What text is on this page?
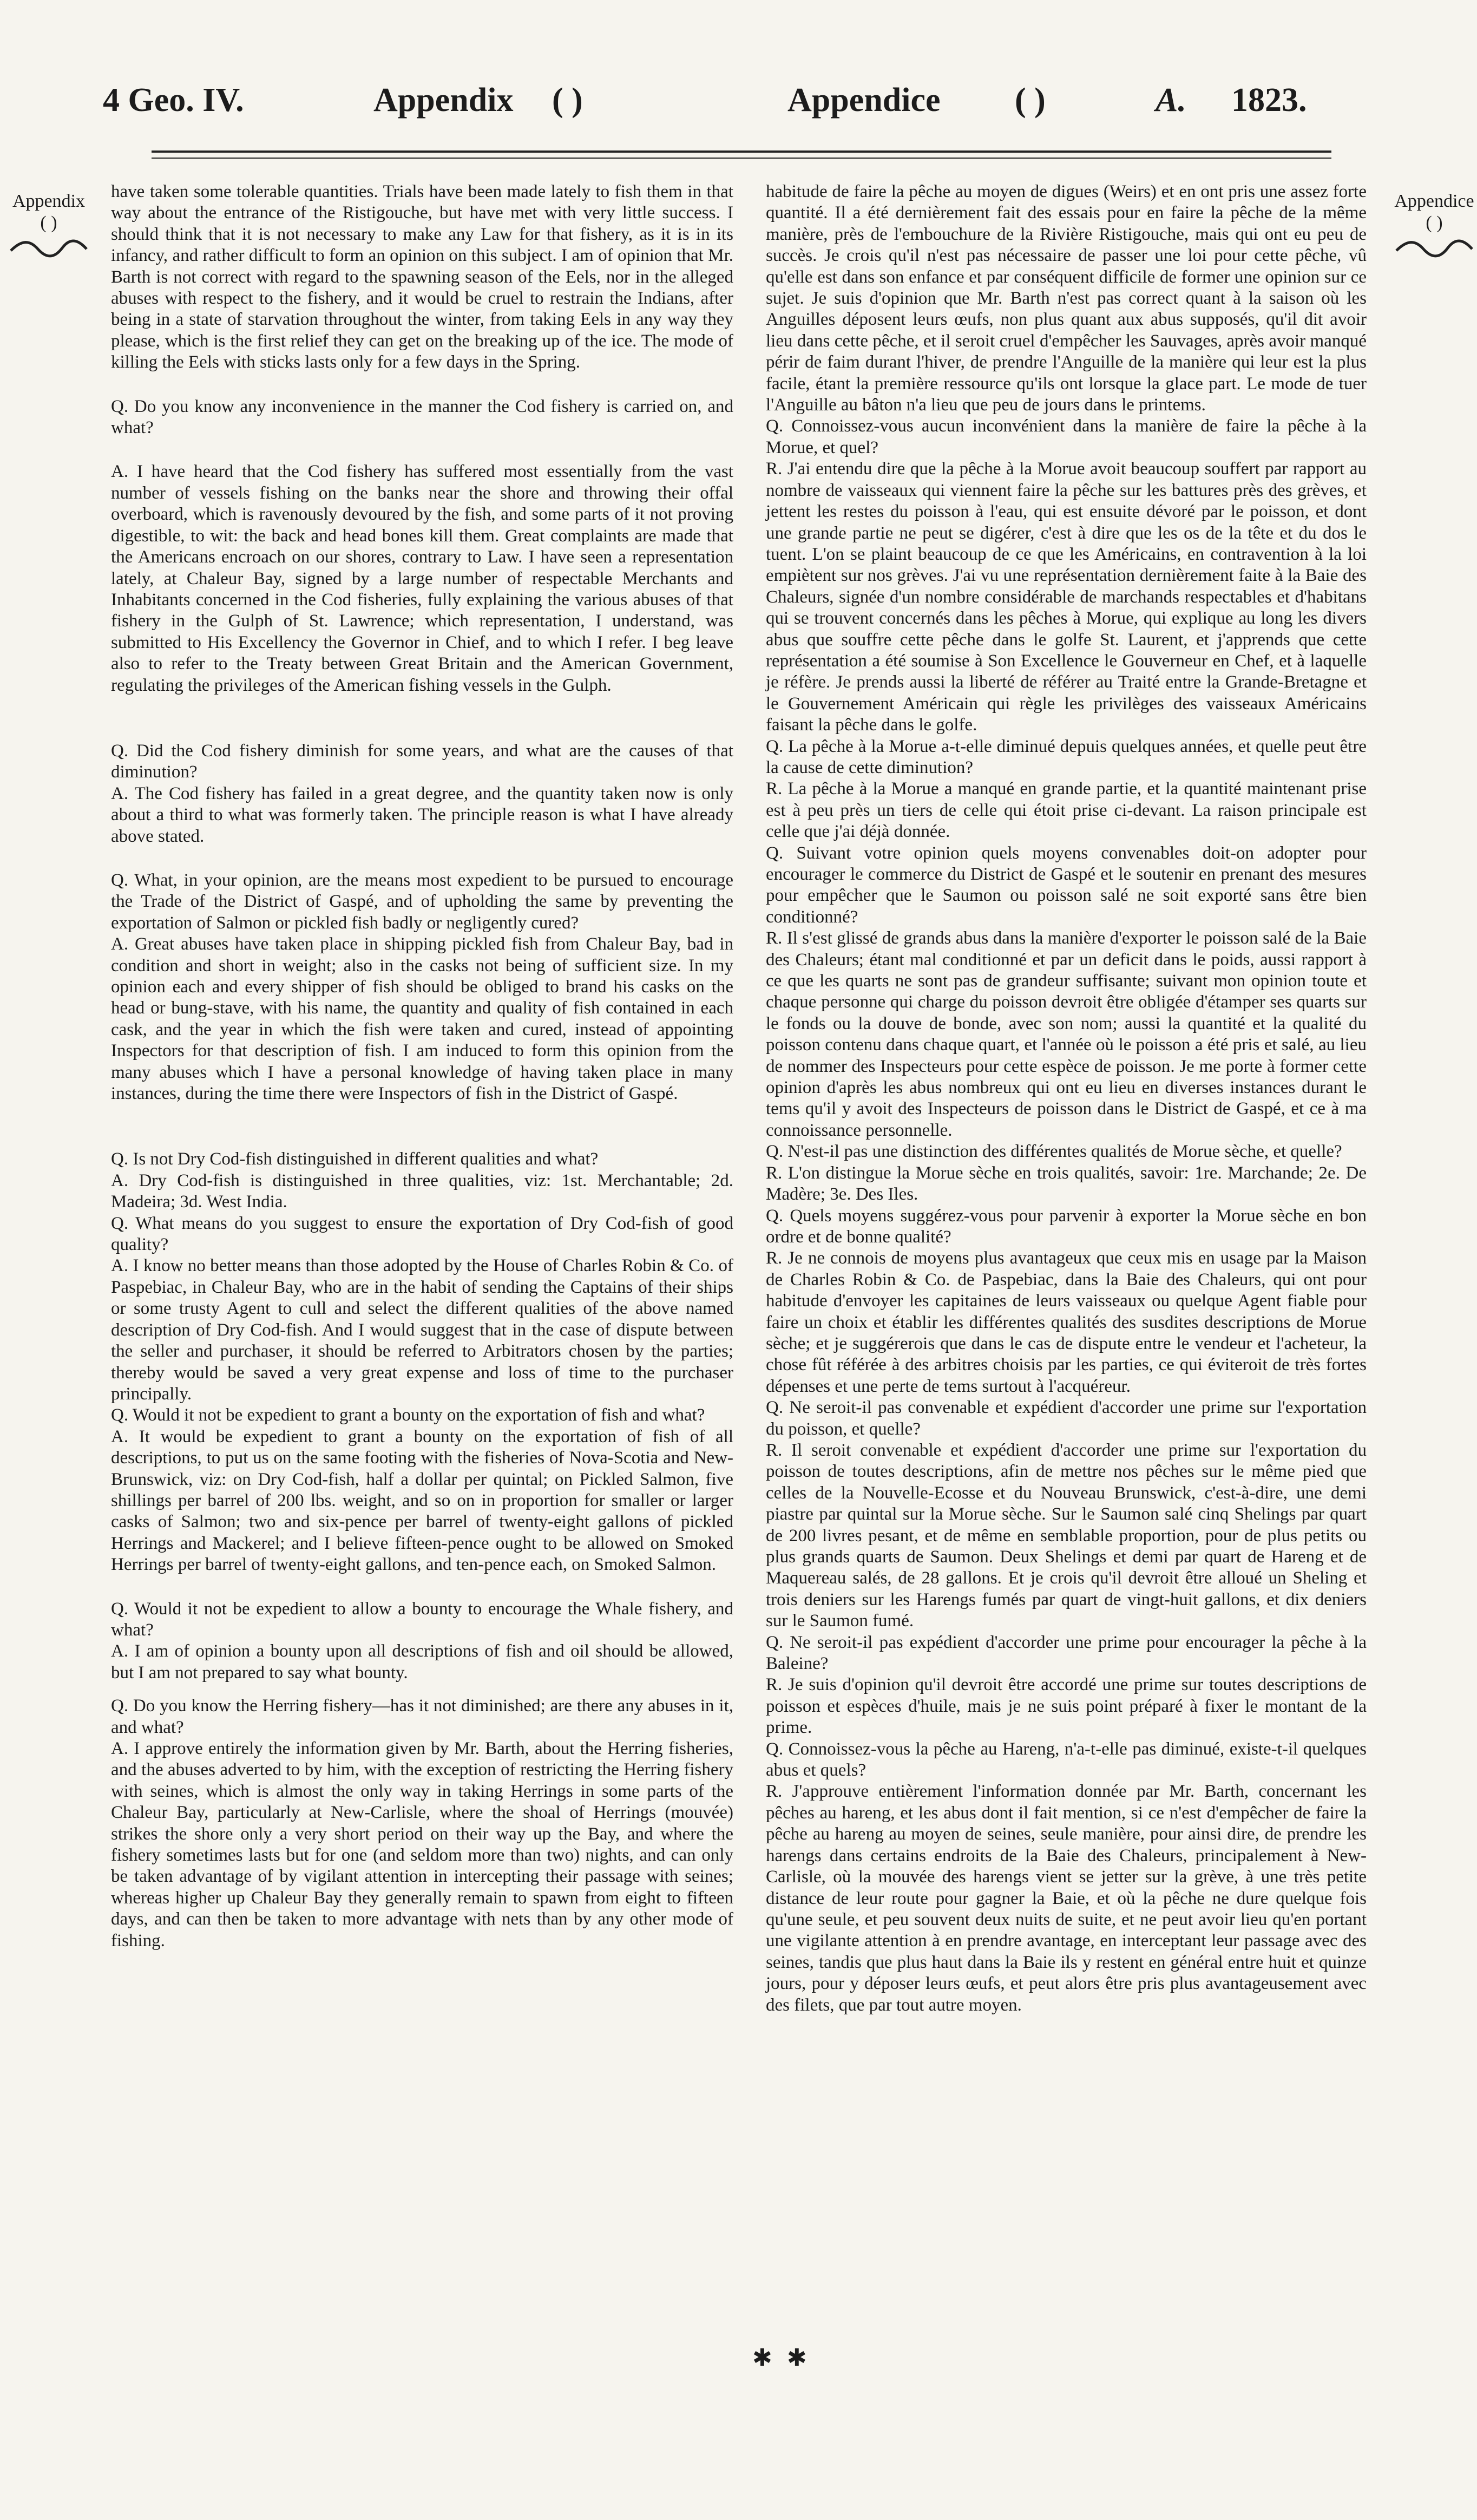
4 Geo. IV.	Appendix ( )	Appendice ( )	A. 1823.
Appendix
( )
Appendice
( )

have taken some tolerable quantities. Trials have been made lately to fish them in that way about the entrance of the Ristigouche, but have met with very little success. I should think that it is not necessary to make any Law for that fishery, as it is in its infancy, and rather difficult to form an opinion on this subject. I am of opinion that Mr. Barth is not correct with regard to the spawning season of the Eels, nor in the alleged abuses with respect to the fishery, and it would be cruel to restrain the Indians, after being in a state of starvation throughout the winter, from taking Eels in any way they please, which is the first relief they can get on the breaking up of the ice. The mode of killing the Eels with sticks lasts only for a few days in the Spring.

Q. Do you know any inconvenience in the manner the Cod fishery is carried on, and what?

A. I have heard that the Cod fishery has suffered most essentially from the vast number of vessels fishing on the banks near the shore and throwing their offal overboard, which is ravenously devoured by the fish, and some parts of it not proving digestible, to wit: the back and head bones kill them. Great complaints are made that the Americans encroach on our shores, contrary to Law. I have seen a representation lately, at Chaleur Bay, signed by a large number of respectable Merchants and Inhabitants concerned in the Cod fisheries, fully explaining the various abuses of that fishery in the Gulph of St. Lawrence; which representation, I understand, was submitted to His Excellency the Governor in Chief, and to which I refer. I beg leave also to refer to the Treaty between Great Britain and the American Government, regulating the privileges of the American fishing vessels in the Gulph.

Q. Did the Cod fishery diminish for some years, and what are the causes of that diminution?

A. The Cod fishery has failed in a great degree, and the quantity taken now is only about a third to what was formerly taken. The principle reason is what I have already above stated.

Q. What, in your opinion, are the means most expedient to be pursued to encourage the Trade of the District of Gaspé, and of upholding the same by preventing the exportation of Salmon or pickled fish badly or negligently cured?

A. Great abuses have taken place in shipping pickled fish from Chaleur Bay, bad in condition and short in weight; also in the casks not being of sufficient size. In my opinion each and every shipper of fish should be obliged to brand his casks on the head or bung-stave, with his name, the quantity and quality of fish contained in each cask, and the year in which the fish were taken and cured, instead of appointing Inspectors for that description of fish. I am induced to form this opinion from the many abuses which I have a personal knowledge of having taken place in many instances, during the time there were Inspectors of fish in the District of Gaspé.

Q. Is not Dry Cod-fish distinguished in different qualities and what?

A. Dry Cod-fish is distinguished in three qualities, viz: 1st. Merchantable; 2d. Madeira; 3d. West India.

Q. What means do you suggest to ensure the exportation of Dry Cod-fish of good quality?

A. I know no better means than those adopted by the House of Charles Robin & Co. of Paspebiac, in Chaleur Bay, who are in the habit of sending the Captains of their ships or some trusty Agent to cull and select the different qualities of the above named description of Dry Cod-fish. And I would suggest that in the case of dispute between the seller and purchaser, it should be referred to Arbitrators chosen by the parties; thereby would be saved a very great expense and loss of time to the purchaser principally.

Q. Would it not be expedient to grant a bounty on the exportation of fish and what?

A. It would be expedient to grant a bounty on the exportation of fish of all descriptions, to put us on the same footing with the fisheries of Nova-Scotia and New-Brunswick, viz: on Dry Cod-fish, half a dollar per quintal; on Pickled Salmon, five shillings per barrel of 200 lbs. weight, and so on in proportion for smaller or larger casks of Salmon; two and six-pence per barrel of twenty-eight gallons of pickled Herrings and Mackerel; and I believe fifteen-pence ought to be allowed on Smoked Herrings per barrel of twenty-eight gallons, and ten-pence each, on Smoked Salmon.

Q. Would it not be expedient to allow a bounty to encourage the Whale fishery, and what?

A. I am of opinion a bounty upon all descriptions of fish and oil should be allowed, but I am not prepared to say what bounty.

Q. Do you know the Herring fishery—has it not diminished; are there any abuses in it, and what?

A. I approve entirely the information given by Mr. Barth, about the Herring fisheries, and the abuses adverted to by him, with the exception of restricting the Herring fishery with seines, which is almost the only way in taking Herrings in some parts of the Chaleur Bay, particularly at New-Carlisle, where the shoal of Herrings (mouvée) strikes the shore only a very short period on their way up the Bay, and where the fishery sometimes lasts but for one (and seldom more than two) nights, and can only be taken advantage of by vigilant attention in intercepting their passage with seines; whereas higher up Chaleur Bay they generally remain to spawn from eight to fifteen days, and can then be taken to more advantage with nets than by any other mode of fishing.

habitude de faire la pêche au moyen de digues (Weirs) et en ont pris une assez forte quantité. Il a été dernièrement fait des essais pour en faire la pêche de la même manière, près de l'embouchure de la Rivière Ristigouche, mais qui ont eu peu de succès. Je crois qu'il n'est pas nécessaire de passer une loi pour cette pêche, vû qu'elle est dans son enfance et par conséquent difficile de former une opinion sur ce sujet. Je suis d'opinion que Mr. Barth n'est pas correct quant à la saison où les Anguilles déposent leurs œufs, non plus quant aux abus supposés, qu'il dit avoir lieu dans cette pêche, et il seroit cruel d'empêcher les Sauvages, après avoir manqué périr de faim durant l'hiver, de prendre l'Anguille de la manière qui leur est la plus facile, étant la première ressource qu'ils ont lorsque la glace part. Le mode de tuer l'Anguille au bâton n'a lieu que peu de jours dans le printems.

Q. Connoissez-vous aucun inconvénient dans la manière de faire la pêche à la Morue, et quel?

R. J'ai entendu dire que la pêche à la Morue avoit beaucoup souffert par rapport au nombre de vaisseaux qui viennent faire la pêche sur les battures près des grèves, et jettent les restes du poisson à l'eau, qui est ensuite dévoré par le poisson, et dont une grande partie ne peut se digérer, c'est à dire que les os de la tête et du dos le tuent. L'on se plaint beaucoup de ce que les Américains, en contravention à la loi empiètent sur nos grèves. J'ai vu une représentation dernièrement faite à la Baie des Chaleurs, signée d'un nombre considérable de marchands respectables et d'habitans qui se trouvent concernés dans les pêches à Morue, qui explique au long les divers abus que souffre cette pêche dans le golfe St. Laurent, et j'apprends que cette représentation a été soumise à Son Excellence le Gouverneur en Chef, et à laquelle je réfère. Je prends aussi la liberté de référer au Traité entre la Grande-Bretagne et le Gouvernement Américain qui règle les privilèges des vaisseaux Américains faisant la pêche dans le golfe.

Q. La pêche à la Morue a-t-elle diminué depuis quelques années, et quelle peut être la cause de cette diminution?

R. La pêche à la Morue a manqué en grande partie, et la quantité maintenant prise est à peu près un tiers de celle qui étoit prise ci-devant. La raison principale est celle que j'ai déjà donnée.

Q. Suivant votre opinion quels moyens convenables doit-on adopter pour encourager le commerce du District de Gaspé et le soutenir en prenant des mesures pour empêcher que le Saumon ou poisson salé ne soit exporté sans être bien conditionné?

R. Il s'est glissé de grands abus dans la manière d'exporter le poisson salé de la Baie des Chaleurs; étant mal conditionné et par un deficit dans le poids, aussi rapport à ce que les quarts ne sont pas de grandeur suffisante; suivant mon opinion toute et chaque personne qui charge du poisson devroit être obligée d'étamper ses quarts sur le fonds ou la douve de bonde, avec son nom; aussi la quantité et la qualité du poisson contenu dans chaque quart, et l'année où le poisson a été pris et salé, au lieu de nommer des Inspecteurs pour cette espèce de poisson. Je me porte à former cette opinion d'après les abus nombreux qui ont eu lieu en diverses instances durant le tems qu'il y avoit des Inspecteurs de poisson dans le District de Gaspé, et ce à ma connoissance personnelle.

Q. N'est-il pas une distinction des différentes qualités de Morue sèche, et quelle?

R. L'on distingue la Morue sèche en trois qualités, savoir: 1re. Marchande; 2e. De Madère; 3e. Des Iles.

Q. Quels moyens suggérez-vous pour parvenir à exporter la Morue sèche en bon ordre et de bonne qualité?

R. Je ne connois de moyens plus avantageux que ceux mis en usage par la Maison de Charles Robin & Co. de Paspebiac, dans la Baie des Chaleurs, qui ont pour habitude d'envoyer les capitaines de leurs vaisseaux ou quelque Agent fiable pour faire un choix et établir les différentes qualités des susdites descriptions de Morue sèche; et je suggérerois que dans le cas de dispute entre le vendeur et l'acheteur, la chose fût référée à des arbitres choisis par les parties, ce qui éviteroit de très fortes dépenses et une perte de tems surtout à l'acquéreur.

Q. Ne seroit-il pas convenable et expédient d'accorder une prime sur l'exportation du poisson, et quelle?

R. Il seroit convenable et expédient d'accorder une prime sur l'exportation du poisson de toutes descriptions, afin de mettre nos pêches sur le même pied que celles de la Nouvelle-Ecosse et du Nouveau Brunswick, c'est-à-dire, une demi piastre par quintal sur la Morue sèche. Sur le Saumon salé cinq Shelings par quart de 200 livres pesant, et de même en semblable proportion, pour de plus petits ou plus grands quarts de Saumon. Deux Shelings et demi par quart de Hareng et de Maquereau salés, de 28 gallons. Et je crois qu'il devroit être alloué un Sheling et trois deniers sur les Harengs fumés par quart de vingt-huit gallons, et dix deniers sur le Saumon fumé.

Q. Ne seroit-il pas expédient d'accorder une prime pour encourager la pêche à la Baleine?

R. Je suis d'opinion qu'il devroit être accordé une prime sur toutes descriptions de poisson et espèces d'huile, mais je ne suis point préparé à fixer le montant de la prime.

Q. Connoissez-vous la pêche au Hareng, n'a-t-elle pas diminué, existe-t-il quelques abus et quels?

R. J'approuve entièrement l'information donnée par Mr. Barth, concernant les pêches au hareng, et les abus dont il fait mention, si ce n'est d'empêcher de faire la pêche au hareng au moyen de seines, seule manière, pour ainsi dire, de prendre les harengs dans certains endroits de la Baie des Chaleurs, principalement à New-Carlisle, où la mouvée des harengs vient se jetter sur la grève, à une très petite distance de leur route pour gagner la Baie, et où la pêche ne dure quelque fois qu'une seule, et peu souvent deux nuits de suite, et ne peut avoir lieu qu'en portant une vigilante attention à en prendre avantage, en interceptant leur passage avec des seines, tandis que plus haut dans la Baie ils y restent en général entre huit et quinze jours, pour y déposer leurs œufs, et peut alors être pris plus avantageusement avec des filets, que par tout autre moyen.

✱ ✱
